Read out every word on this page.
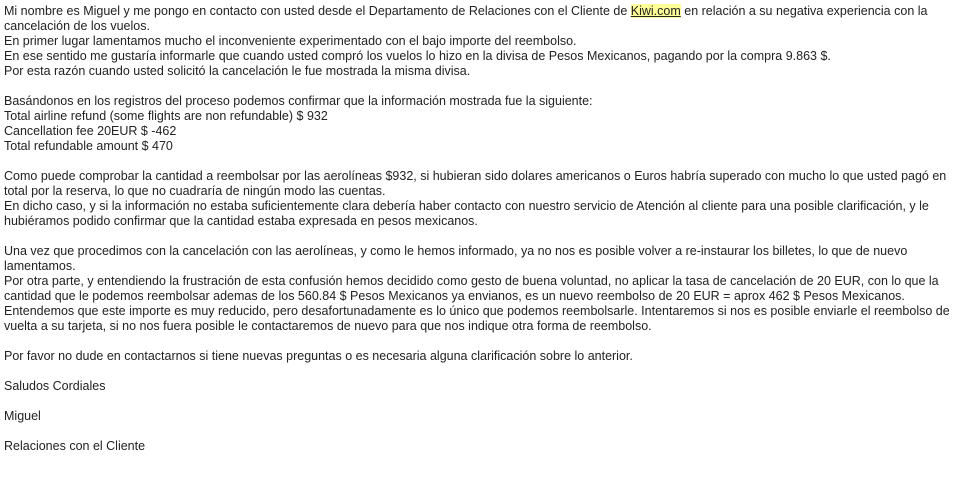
Mi nombre es Miguel y me pongo en contacto con usted desde el Departamento de Relaciones con el Cliente de Kiwi.com en relación a su negativa experiencia con la cancelación de los vuelos.
En primer lugar lamentamos mucho el inconveniente experimentado con el bajo importe del reembolso.
En ese sentido me gustaría informarle que cuando usted compró los vuelos lo hizo en la divisa de Pesos Mexicanos, pagando por la compra 9.863 $.
Por esta razón cuando usted solicitó la cancelación le fue mostrada la misma divisa.
Basándonos en los registros del proceso podemos confirmar que la información mostrada fue la siguiente:
Total airline refund (some flights are non refundable) $ 932
Cancellation fee 20EUR $ -462
Total refundable amount $ 470
Como puede comprobar la cantidad a reembolsar por las aerolíneas $932, si hubieran sido dolares americanos o Euros habría superado con mucho lo que usted pagó en total por la reserva, lo que no cuadraría de ningún modo las cuentas.
En dicho caso, y si la información no estaba suficientemente clara debería haber contacto con nuestro servicio de Atención al cliente para una posible clarificación, y le hubiéramos podido confirmar que la cantidad estaba expresada en pesos mexicanos.
Una vez que procedimos con la cancelación con las aerolíneas, y como le hemos informado, ya no nos es posible volver a re-instaurar los billetes, lo que de nuevo lamentamos.
Por otra parte, y entendiendo la frustración de esta confusión hemos decidido como gesto de buena voluntad, no aplicar la tasa de cancelación de 20 EUR, con lo que la cantidad que le podemos reembolsar ademas de los 560.84 $ Pesos Mexicanos ya envianos, es un nuevo reembolso de 20 EUR = aprox 462 $ Pesos Mexicanos.
Entendemos que este importe es muy reducido, pero desafortunadamente es lo único que podemos reembolsarle. Intentaremos si nos es posible enviarle el reembolso de vuelta a su tarjeta, si no nos fuera posible le contactaremos de nuevo para que nos indique otra forma de reembolso.
Por favor no dude en contactarnos si tiene nuevas preguntas o es necesaria alguna clarificación sobre lo anterior.
Saludos Cordiales
Miguel
Relaciones con el Cliente
